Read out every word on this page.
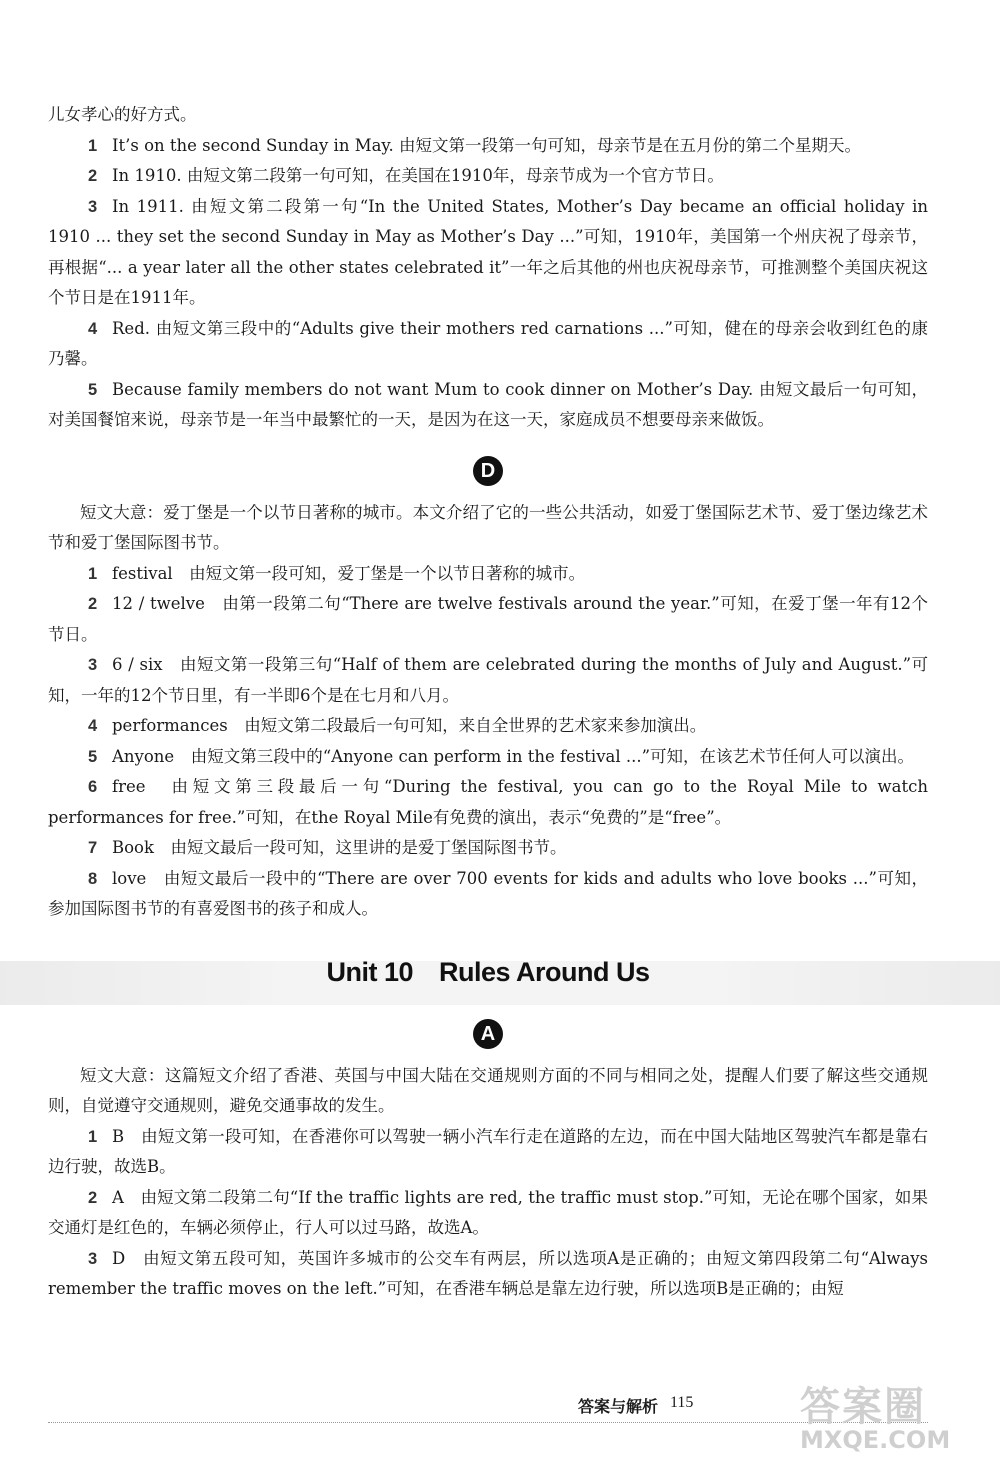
儿女孝心的好方式。

1 It’s on the second Sunday in May. 由短文第一段第一句可知，母亲节是在五月份的第二个星期天。

2 In 1910. 由短文第二段第一句可知，在美国在1910年，母亲节成为一个官方节日。

3 In 1911. 由短文第二段第一句“In the United States, Mother’s Day became an official holiday in 1910 ... they set the second Sunday in May as Mother’s Day ...”可知，1910年，美国第一个州庆祝了母亲节，再根据“... a year later all the other states celebrated it”一年之后其他的州也庆祝母亲节，可推测整个美国庆祝这个节日是在1911年。

4 Red. 由短文第三段中的“Adults give their mothers red carnations ...”可知，健在的母亲会收到红色的康乃馨。

5 Because family members do not want Mum to cook dinner on Mother’s Day. 由短文最后一句可知，对美国餐馆来说，母亲节是一年当中最繁忙的一天，是因为在这一天，家庭成员不想要母亲来做饭。

D

短文大意：爱丁堡是一个以节日著称的城市。本文介绍了它的一些公共活动，如爱丁堡国际艺术节、爱丁堡边缘艺术节和爱丁堡国际图书节。

1 festival　由短文第一段可知，爱丁堡是一个以节日著称的城市。

2 12 / twelve　由第一段第二句“There are twelve festivals around the year.”可知，在爱丁堡一年有12个节日。

3 6 / six　由短文第一段第三句“Half of them are celebrated during the months of July and August.”可知，一年的12个节日里，有一半即6个是在七月和八月。

4 performances　由短文第二段最后一句可知，来自全世界的艺术家来参加演出。

5 Anyone　由短文第三段中的“Anyone can perform in the festival ...”可知，在该艺术节任何人可以演出。

6 free　由短文第三段最后一句“During the festival, you can go to the Royal Mile to watch performances for free.”可知，在the Royal Mile有免费的演出，表示“免费的”是“free”。

7 Book　由短文最后一段可知，这里讲的是爱丁堡国际图书节。

8 love　由短文最后一段中的“There are over 700 events for kids and adults who love books ...”可知，参加国际图书节的有喜爱图书的孩子和成人。

Unit 10 Rules Around Us
A

短文大意：这篇短文介绍了香港、英国与中国大陆在交通规则方面的不同与相同之处，提醒人们要了解这些交通规则，自觉遵守交通规则，避免交通事故的发生。

1 B　由短文第一段可知，在香港你可以驾驶一辆小汽车行走在道路的左边，而在中国大陆地区驾驶汽车都是靠右边行驶，故选B。

2 A　由短文第二段第二句“If the traffic lights are red, the traffic must stop.”可知，无论在哪个国家，如果交通灯是红色的，车辆必须停止，行人可以过马路，故选A。

3 D　由短文第五段可知，英国许多城市的公交车有两层，所以选项A是正确的；由短文第四段第二句“Always remember the traffic moves on the left.”可知，在香港车辆总是靠左边行驶，所以选项B是正确的；由短

答案与解析 115	答案圈
MXQE.COM
